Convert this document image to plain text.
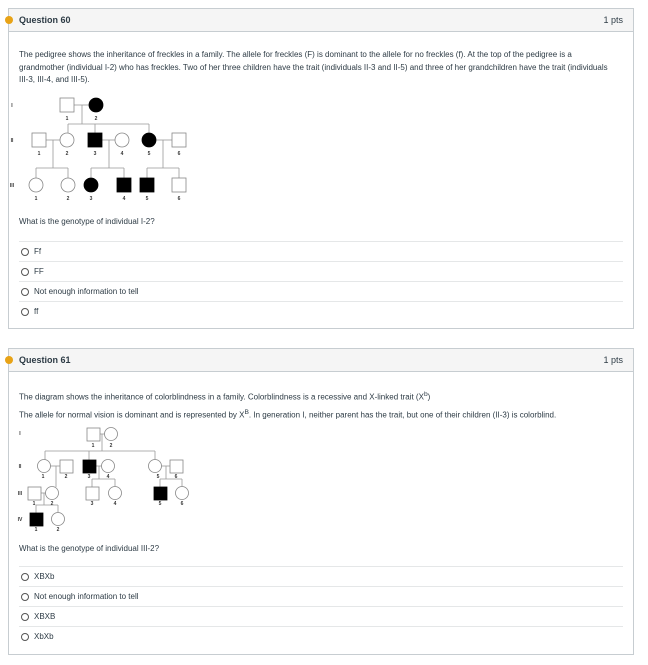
Question 60	1 pts
The pedigree shows the inheritance of freckles in a family. The allele for freckles (F) is dominant to the allele for no freckles (f). At the top of the pedigree is a grandmother (individual I-2) who has freckles. Two of her three children have the trait (individuals II-3 and II-5) and three of her grandchildren have the trait (individuals III-3, III-4, and III-5).
What is the genotype of individual I-2?
Ff
FF
Not enough information to tell
ff
Question 61	1 pts
The diagram shows the inheritance of colorblindness in a family. Colorblindness is a recessive and X-linked trait $(X^b)$
The allele for normal vision is dominant and is represented by $X^B$. In generation I, neither parent has the trait, but one of their children (II-3) is colorblind.
What is the genotype of individual III-2?
XBXb
Not enough information to tell
XBXB
XbXb
I
II
III
1	2
1	2	3	4	5	6
1	2	3	4	5	6
I
II
III
IV
1	2
1	2	3	4	5	6
1	2	3	4	5	6
1	2
